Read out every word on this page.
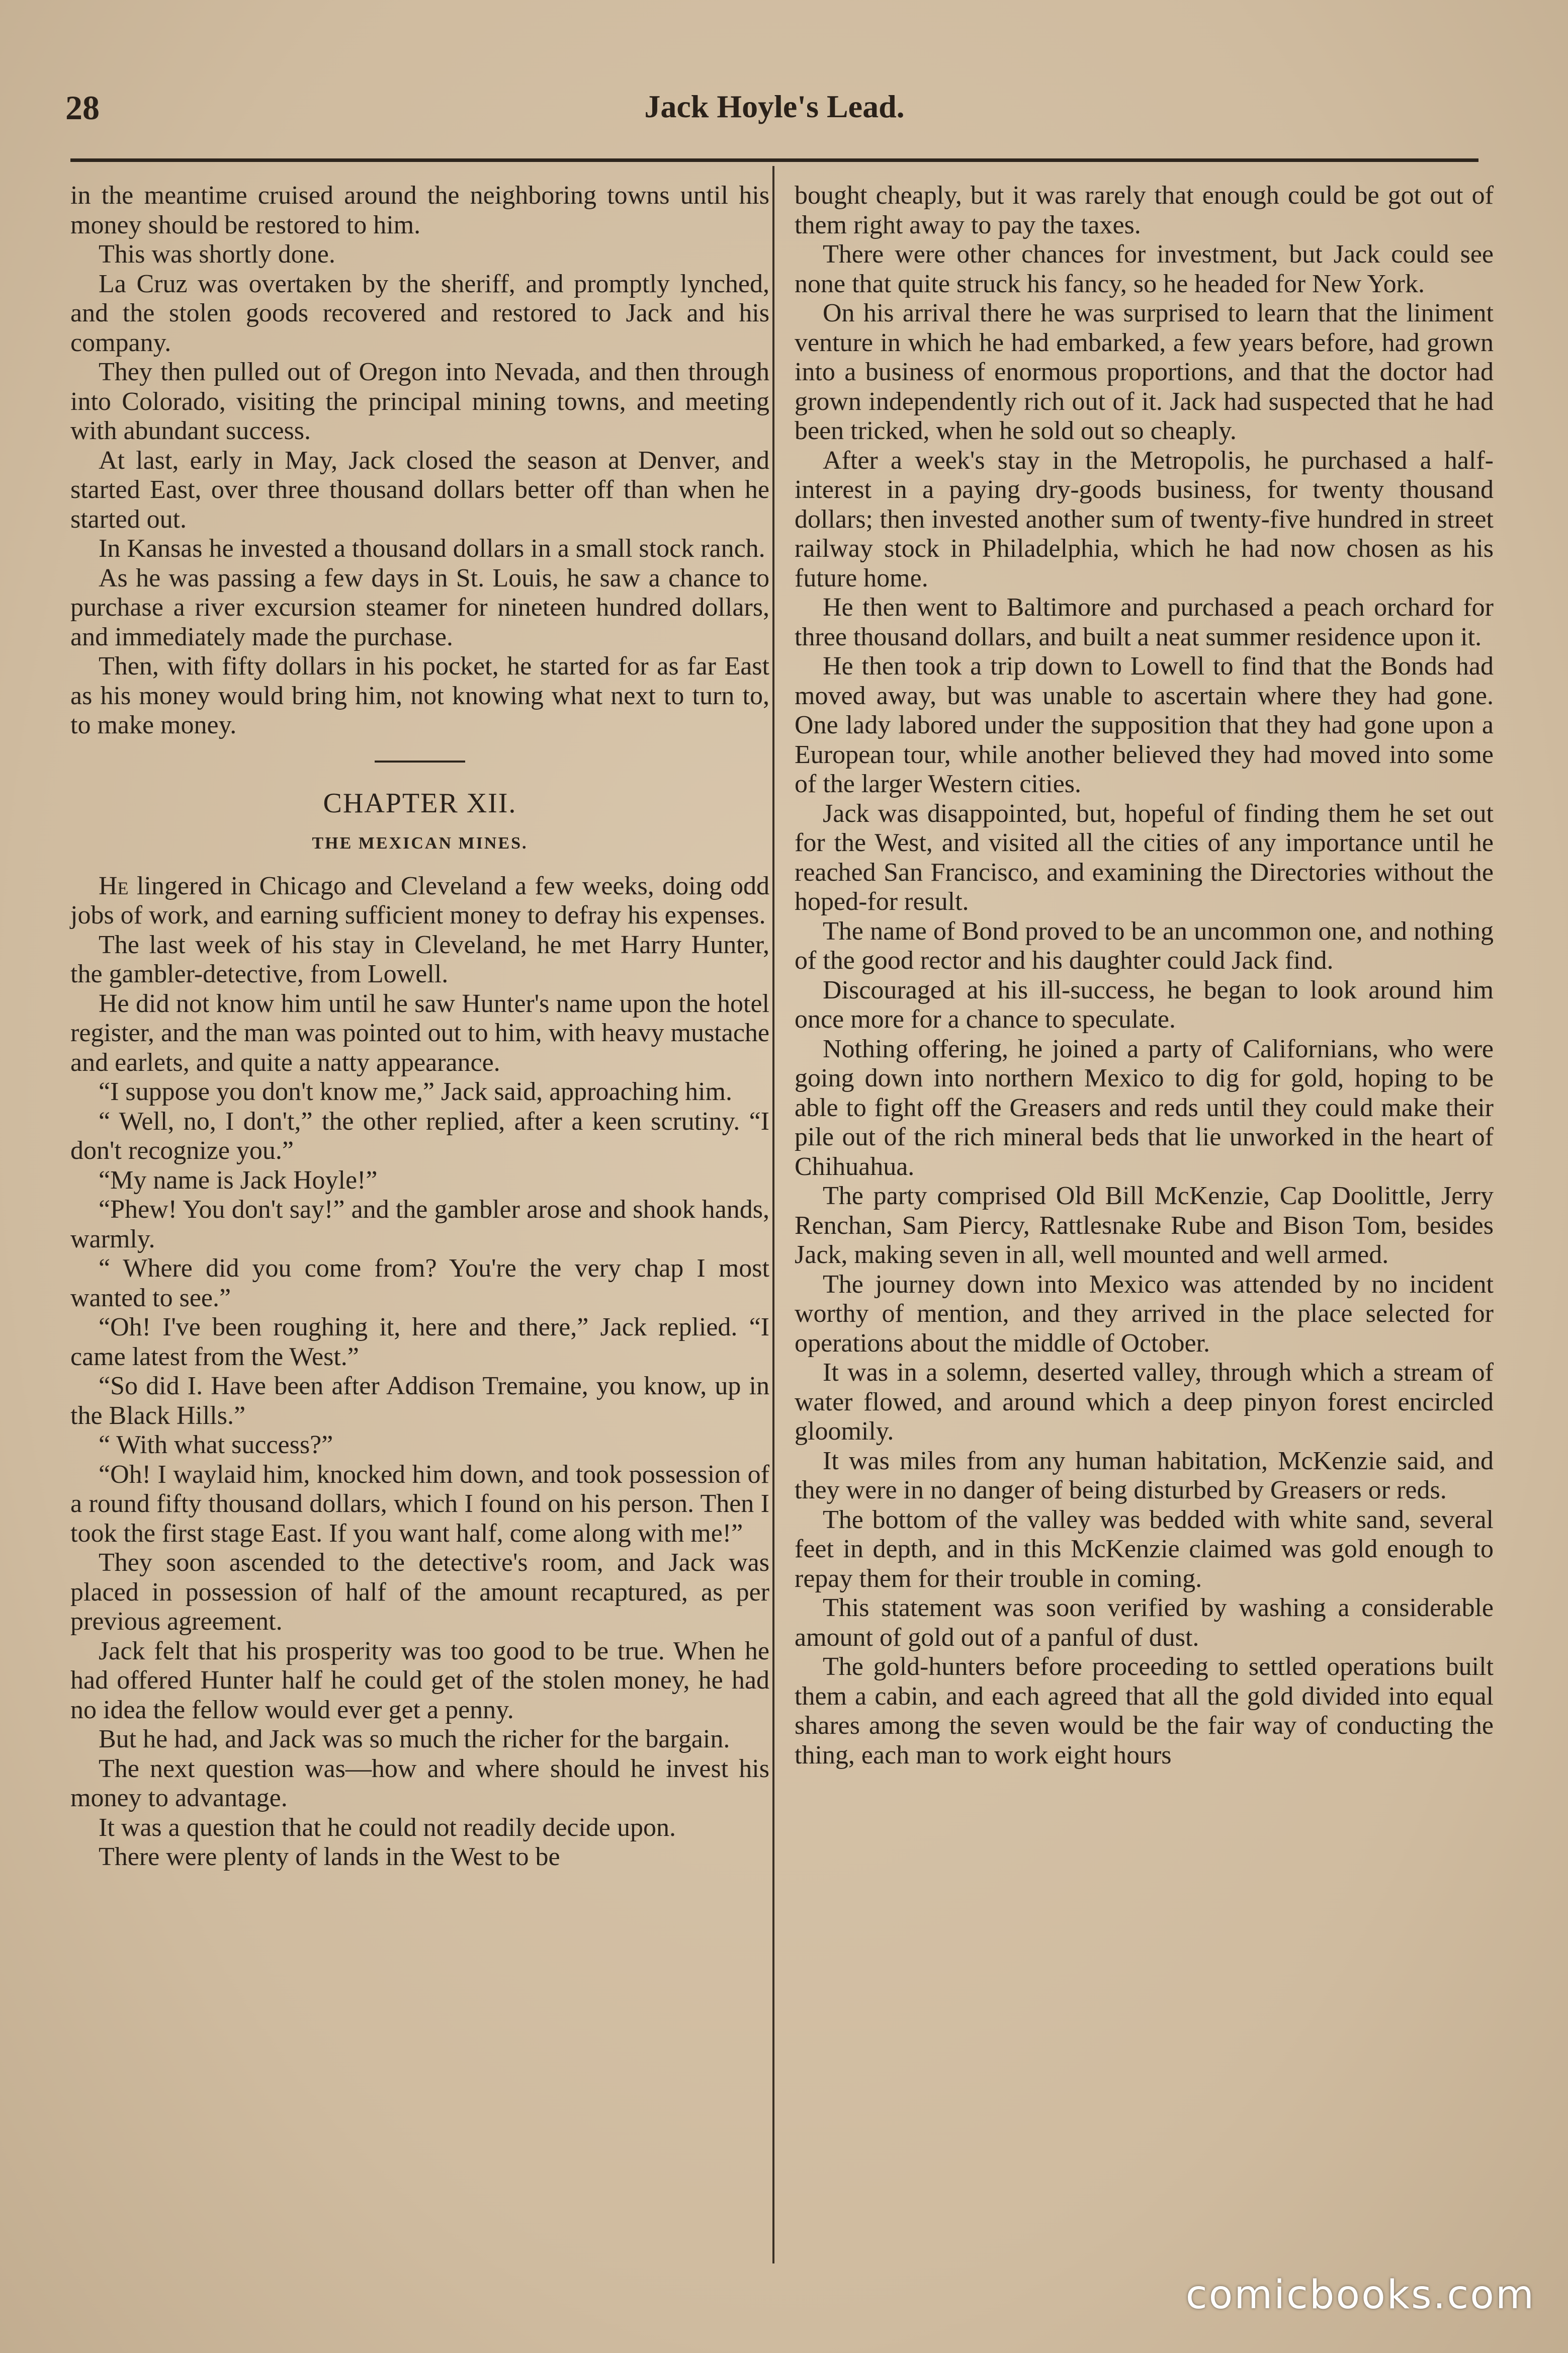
28	Jack Hoyle's Lead.

in the meantime cruised around the neighboring towns until his money should be restored to him.

This was shortly done.

La Cruz was overtaken by the sheriff, and promptly lynched, and the stolen goods recovered and restored to Jack and his company.

They then pulled out of Oregon into Nevada, and then through into Colorado, visiting the principal mining towns, and meeting with abundant success.

At last, early in May, Jack closed the season at Denver, and started East, over three thousand dollars better off than when he started out.

In Kansas he invested a thousand dollars in a small stock ranch.

As he was passing a few days in St. Louis, he saw a chance to purchase a river excursion steamer for nineteen hundred dollars, and immediately made the purchase.

Then, with fifty dollars in his pocket, he started for as far East as his money would bring him, not knowing what next to turn to, to make money.

CHAPTER XII.
THE MEXICAN MINES.

He lingered in Chicago and Cleveland a few weeks, doing odd jobs of work, and earning sufficient money to defray his expenses.

The last week of his stay in Cleveland, he met Harry Hunter, the gambler-detective, from Lowell.

He did not know him until he saw Hunter's name upon the hotel register, and the man was pointed out to him, with heavy mustache and earlets, and quite a natty appearance.

“I suppose you don't know me,” Jack said, approaching him.

“ Well, no, I don't,” the other replied, after a keen scrutiny. “I don't recognize you.”

“My name is Jack Hoyle!”

“Phew! You don't say!” and the gambler arose and shook hands, warmly.

“ Where did you come from? You're the very chap I most wanted to see.”

“Oh! I've been roughing it, here and there,” Jack replied. “I came latest from the West.”

“So did I. Have been after Addison Tremaine, you know, up in the Black Hills.”

“ With what success?”

“Oh! I waylaid him, knocked him down, and took possession of a round fifty thousand dollars, which I found on his person. Then I took the first stage East. If you want half, come along with me!”

They soon ascended to the detective's room, and Jack was placed in possession of half of the amount recaptured, as per previous agreement.

Jack felt that his prosperity was too good to be true. When he had offered Hunter half he could get of the stolen money, he had no idea the fellow would ever get a penny.

But he had, and Jack was so much the richer for the bargain.

The next question was—how and where should he invest his money to advantage.

It was a question that he could not readily decide upon.

There were plenty of lands in the West to be

bought cheaply, but it was rarely that enough could be got out of them right away to pay the taxes.

There were other chances for investment, but Jack could see none that quite struck his fancy, so he headed for New York.

On his arrival there he was surprised to learn that the liniment venture in which he had embarked, a few years before, had grown into a business of enormous proportions, and that the doctor had grown independently rich out of it. Jack had suspected that he had been tricked, when he sold out so cheaply.

After a week's stay in the Metropolis, he purchased a half-interest in a paying dry-goods business, for twenty thousand dollars; then invested another sum of twenty-five hundred in street railway stock in Philadelphia, which he had now chosen as his future home.

He then went to Baltimore and purchased a peach orchard for three thousand dollars, and built a neat summer residence upon it.

He then took a trip down to Lowell to find that the Bonds had moved away, but was unable to ascertain where they had gone. One lady labored under the supposition that they had gone upon a European tour, while another believed they had moved into some of the larger Western cities.

Jack was disappointed, but, hopeful of finding them he set out for the West, and visited all the cities of any importance until he reached San Francisco, and examining the Directories without the hoped-for result.

The name of Bond proved to be an uncommon one, and nothing of the good rector and his daughter could Jack find.

Discouraged at his ill-success, he began to look around him once more for a chance to speculate.

Nothing offering, he joined a party of Californians, who were going down into northern Mexico to dig for gold, hoping to be able to fight off the Greasers and reds until they could make their pile out of the rich mineral beds that lie unworked in the heart of Chihuahua.

The party comprised Old Bill McKenzie, Cap Doolittle, Jerry Renchan, Sam Piercy, Rattlesnake Rube and Bison Tom, besides Jack, making seven in all, well mounted and well armed.

The journey down into Mexico was attended by no incident worthy of mention, and they arrived in the place selected for operations about the middle of October.

It was in a solemn, deserted valley, through which a stream of water flowed, and around which a deep pinyon forest encircled gloomily.

It was miles from any human habitation, McKenzie said, and they were in no danger of being disturbed by Greasers or reds.

The bottom of the valley was bedded with white sand, several feet in depth, and in this McKenzie claimed was gold enough to repay them for their trouble in coming.

This statement was soon verified by washing a considerable amount of gold out of a panful of dust.

The gold-hunters before proceeding to settled operations built them a cabin, and each agreed that all the gold divided into equal shares among the seven would be the fair way of conducting the thing, each man to work eight hours

comicbooks.com
